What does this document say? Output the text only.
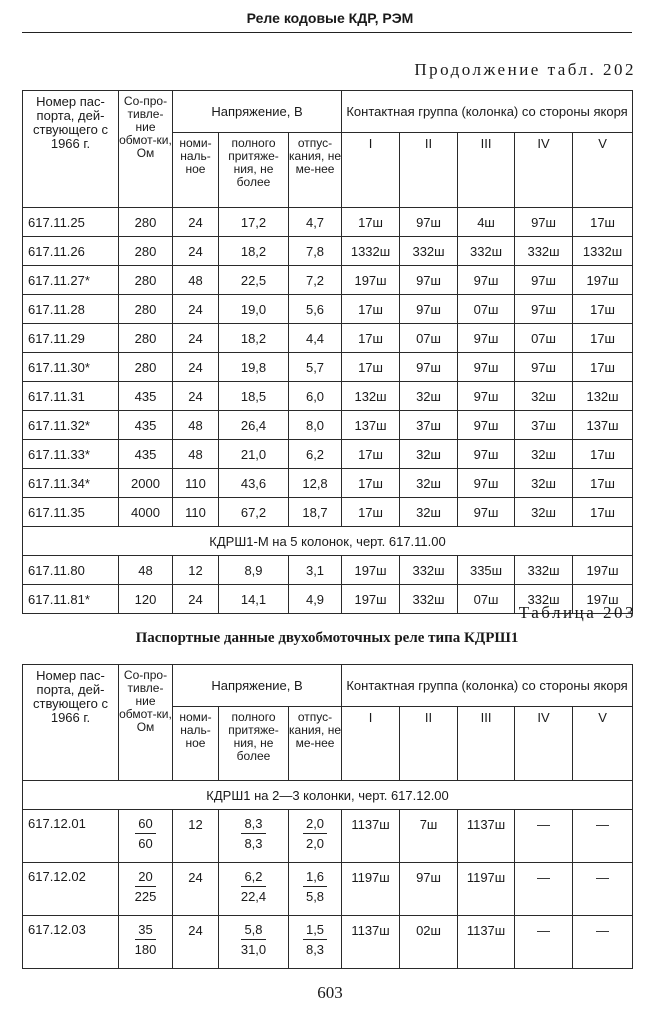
Реле кодовые КДР, РЭМ
Продолжение табл. 202
Номер пас-порта, дей-ствующего с 1966 г.	Со-про-тивле-ние обмот-ки, Ом	Напряжение, В			Контактная группа (колонка) со стороны якоря				
		номи-наль-ное	полного притяже-ния, не более	отпус-кания, не ме-нее	I	II	III	IV	V
617.11.25	280	24	17,2	4,7	17ш	97ш	4ш	97ш	17ш
617.11.26	280	24	18,2	7,8	1332ш	332ш	332ш	332ш	1332ш
617.11.27*	280	48	22,5	7,2	197ш	97ш	97ш	97ш	197ш
617.11.28	280	24	19,0	5,6	17ш	97ш	07ш	97ш	17ш
617.11.29	280	24	18,2	4,4	17ш	07ш	97ш	07ш	17ш
617.11.30*	280	24	19,8	5,7	17ш	97ш	97ш	97ш	17ш
617.11.31	435	24	18,5	6,0	132ш	32ш	97ш	32ш	132ш
617.11.32*	435	48	26,4	8,0	137ш	37ш	97ш	37ш	137ш
617.11.33*	435	48	21,0	6,2	17ш	32ш	97ш	32ш	17ш
617.11.34*	2000	110	43,6	12,8	17ш	32ш	97ш	32ш	17ш
617.11.35	4000	110	67,2	18,7	17ш	32ш	97ш	32ш	17ш
КДРШ1-М на 5 колонок, черт. 617.11.00									
617.11.80	48	12	8,9	3,1	197ш	332ш	335ш	332ш	197ш
617.11.81*	120	24	14,1	4,9	197ш	332ш	07ш	332ш	197ш
Таблица 203
Паспортные данные двухобмоточных реле типа КДРШ1
Номер пас-порта, дей-ствующего с 1966 г.	Со-про-тивле-ние обмот-ки, Ом	Напряжение, В			Контактная группа (колонка) со стороны якоря				
		номи-наль-ное	полного притяже-ния, не более	отпус-кания, не ме-нее	I	II	III	IV	V
КДРШ1 на 2—3 колонки, черт. 617.12.00									
617.12.01	$\frac{60}{60}$	12	$\frac{8,3}{8,3}$	$\frac{2,0}{2,0}$	1137ш	7ш	1137ш	—	—
617.12.02	$\frac{20}{225}$	24	$\frac{6,2}{22,4}$	$\frac{1,6}{5,8}$	1197ш	97ш	1197ш	—	—
617.12.03	$\frac{35}{180}$	24	$\frac{5,8}{31,0}$	$\frac{1,5}{8,3}$	1137ш	02ш	1137ш	—	—
603
